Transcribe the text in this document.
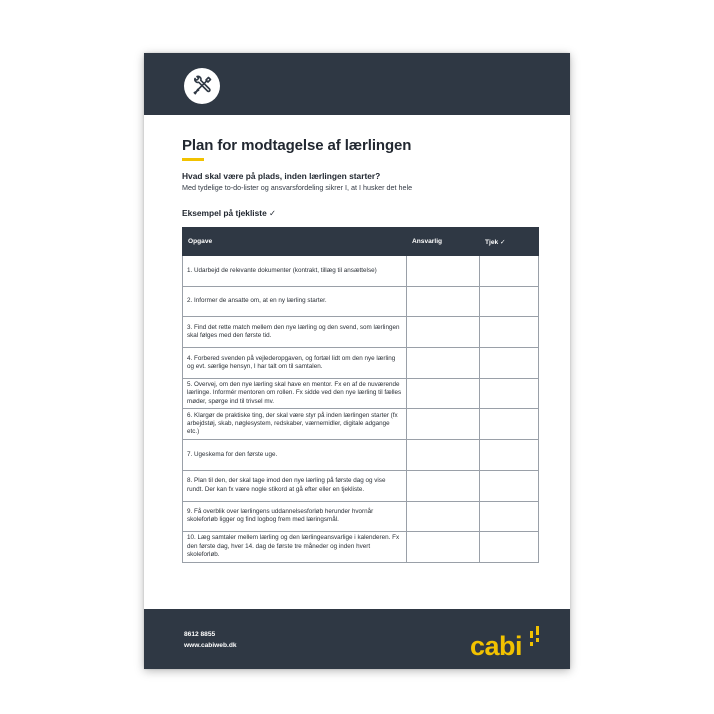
Plan for modtagelse af lærlingen
Hvad skal være på plads, inden lærlingen starter?
Med tydelige to-do-lister og ansvarsfordeling sikrer I, at I husker det hele
Eksempel på tjekliste ✓
Opgave	Ansvarlig	Tjek ✓
1. Udarbejd de relevante dokumenter (kontrakt, tillæg til ansættelse)		
2. Informer de ansatte om, at en ny lærling starter.		
3. Find det rette match mellem den nye lærling og den svend, som lærlingen skal følges med den første tid.		
4. Forbered svenden på vejlederopgaven, og fortæl lidt om den nye lærling og evt. særlige hensyn, I har talt om til samtalen.		
5. Overvej, om den nye lærling skal have en mentor. Fx en af de nuværende lærlinge. Informér mentoren om rollen. Fx sidde ved den nye lærling til fælles møder, spørge ind til trivsel mv.		
6. Klargør de praktiske ting, der skal være styr på inden lærlingen starter (fx arbejdstøj, skab, nøglesystem, redskaber, værnemidler, digitale adgange etc.)		
7. Ugeskema for den første uge.		
8. Plan til den, der skal tage imod den nye lærling på første dag og vise rundt. Der kan fx være nogle stikord at gå efter eller en tjekliste.		
9. Få overblik over lærlingens uddannelsesforløb herunder hvornår skoleforløb ligger og find logbog frem med læringsmål.		
10. Læg samtaler mellem lærling og den lærlingeansvarlige i kalenderen. Fx den første dag, hver 14. dag de første tre måneder og inden hvert skoleforløb.		
8612 8855
www.cabiweb.dk	cabi
